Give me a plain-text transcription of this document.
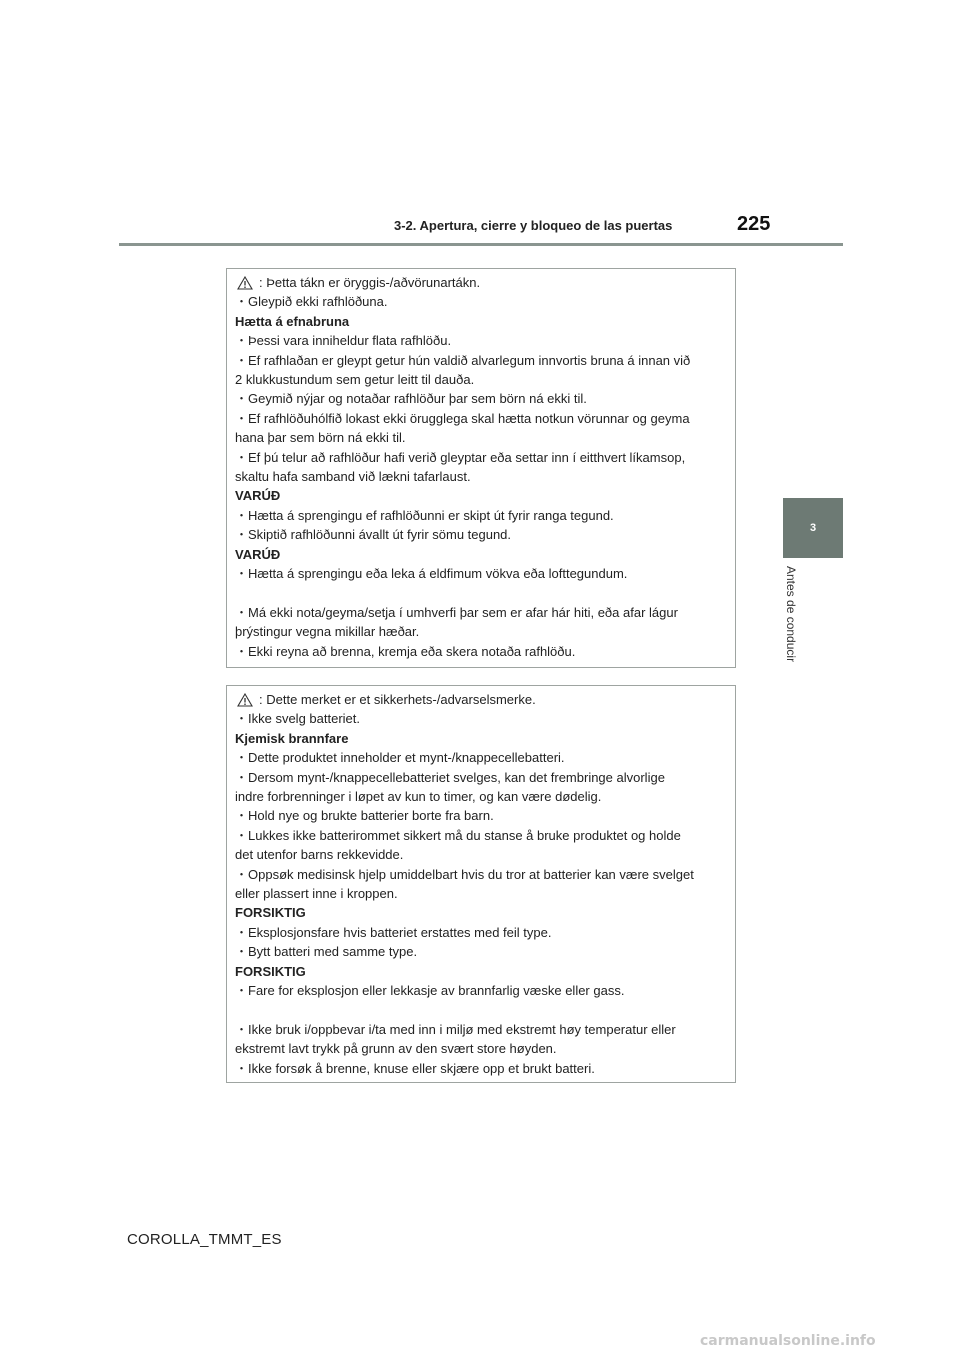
3-2. Apertura, cierre y bloqueo de las puertas	225
3
Antes de conducir
: Þetta tákn er öryggis-/aðvörunartákn.
・Gleypið ekki rafhlöðuna.
Hætta á efnabruna
・Þessi vara inniheldur flata rafhlöðu.
・Ef rafhlaðan er gleypt getur hún valdið alvarlegum innvortis bruna á innan við
2 klukkustundum sem getur leitt til dauða.
・Geymið nýjar og notaðar rafhlöður þar sem börn ná ekki til.
・Ef rafhlöðuhólfið lokast ekki örugglega skal hætta notkun vörunnar og geyma
hana þar sem börn ná ekki til.
・Ef þú telur að rafhlöður hafi verið gleyptar eða settar inn í eitthvert líkamsop,
skaltu hafa samband við lækni tafarlaust.
VARÚÐ
・Hætta á sprengingu ef rafhlöðunni er skipt út fyrir ranga tegund.
・Skiptið rafhlöðunni ávallt út fyrir sömu tegund.
VARÚÐ
・Hætta á sprengingu eða leka á eldfimum vökva eða lofttegundum.
・Má ekki nota/geyma/setja í umhverfi þar sem er afar hár hiti, eða afar lágur
þrýstingur vegna mikillar hæðar.
・Ekki reyna að brenna, kremja eða skera notaða rafhlöðu.
: Dette merket er et sikkerhets-/advarselsmerke.
・Ikke svelg batteriet.
Kjemisk brannfare
・Dette produktet inneholder et mynt-/knappecellebatteri.
・Dersom mynt-/knappecellebatteriet svelges, kan det frembringe alvorlige
indre forbrenninger i løpet av kun to timer, og kan være dødelig.
・Hold nye og brukte batterier borte fra barn.
・Lukkes ikke batterirommet sikkert må du stanse å bruke produktet og holde
det utenfor barns rekkevidde.
・Oppsøk medisinsk hjelp umiddelbart hvis du tror at batterier kan være svelget
eller plassert inne i kroppen.
FORSIKTIG
・Eksplosjonsfare hvis batteriet erstattes med feil type.
・Bytt batteri med samme type.
FORSIKTIG
・Fare for eksplosjon eller lekkasje av brannfarlig væske eller gass.
・Ikke bruk i/oppbevar i/ta med inn i miljø med ekstremt høy temperatur eller
ekstremt lavt trykk på grunn av den svært store høyden.
・Ikke forsøk å brenne, knuse eller skjære opp et brukt batteri.
COROLLA_TMMT_ES
carmanualsonline.info
